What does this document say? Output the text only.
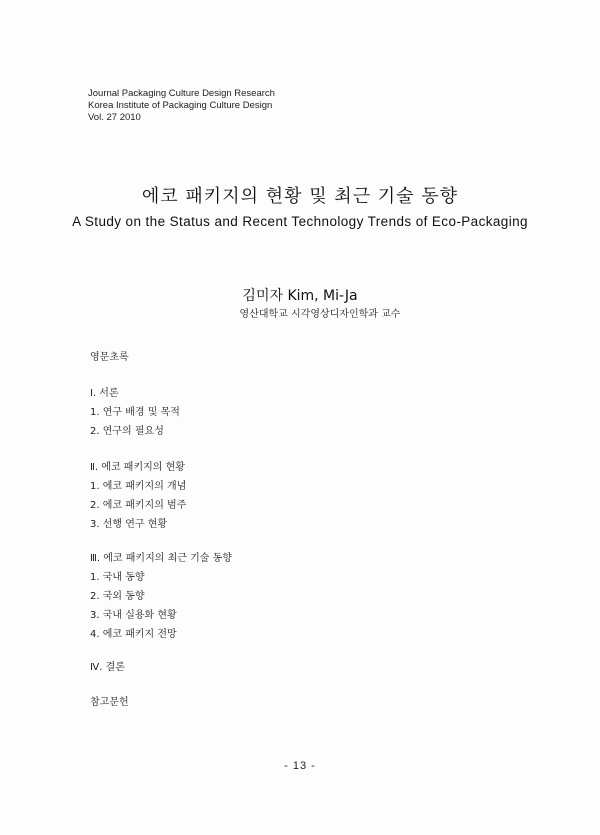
Journal Packaging Culture Design Research
Korea Institute of Packaging Culture Design
Vol. 27 2010
에코 패키지의 현황 및 최근 기술 동향
A Study on the Status and Recent Technology Trends of Eco-Packaging
김미자 Kim, Mi-Ja
영산대학교 시각영상디자인학과 교수
영문초록
Ⅰ. 서론
1. 연구 배경 및 목적
2. 연구의 필요성
Ⅱ. 에코 패키지의 현황
1. 에코 패키지의 개념
2. 에코 패키지의 범주
3. 선행 연구 현황
Ⅲ. 에코 패키지의 최근 기술 동향
1. 국내 동향
2. 국외 동향
3. 국내 실용화 현황
4. 에코 패키지 전망
Ⅳ. 결론
참고문헌
- 13 -
